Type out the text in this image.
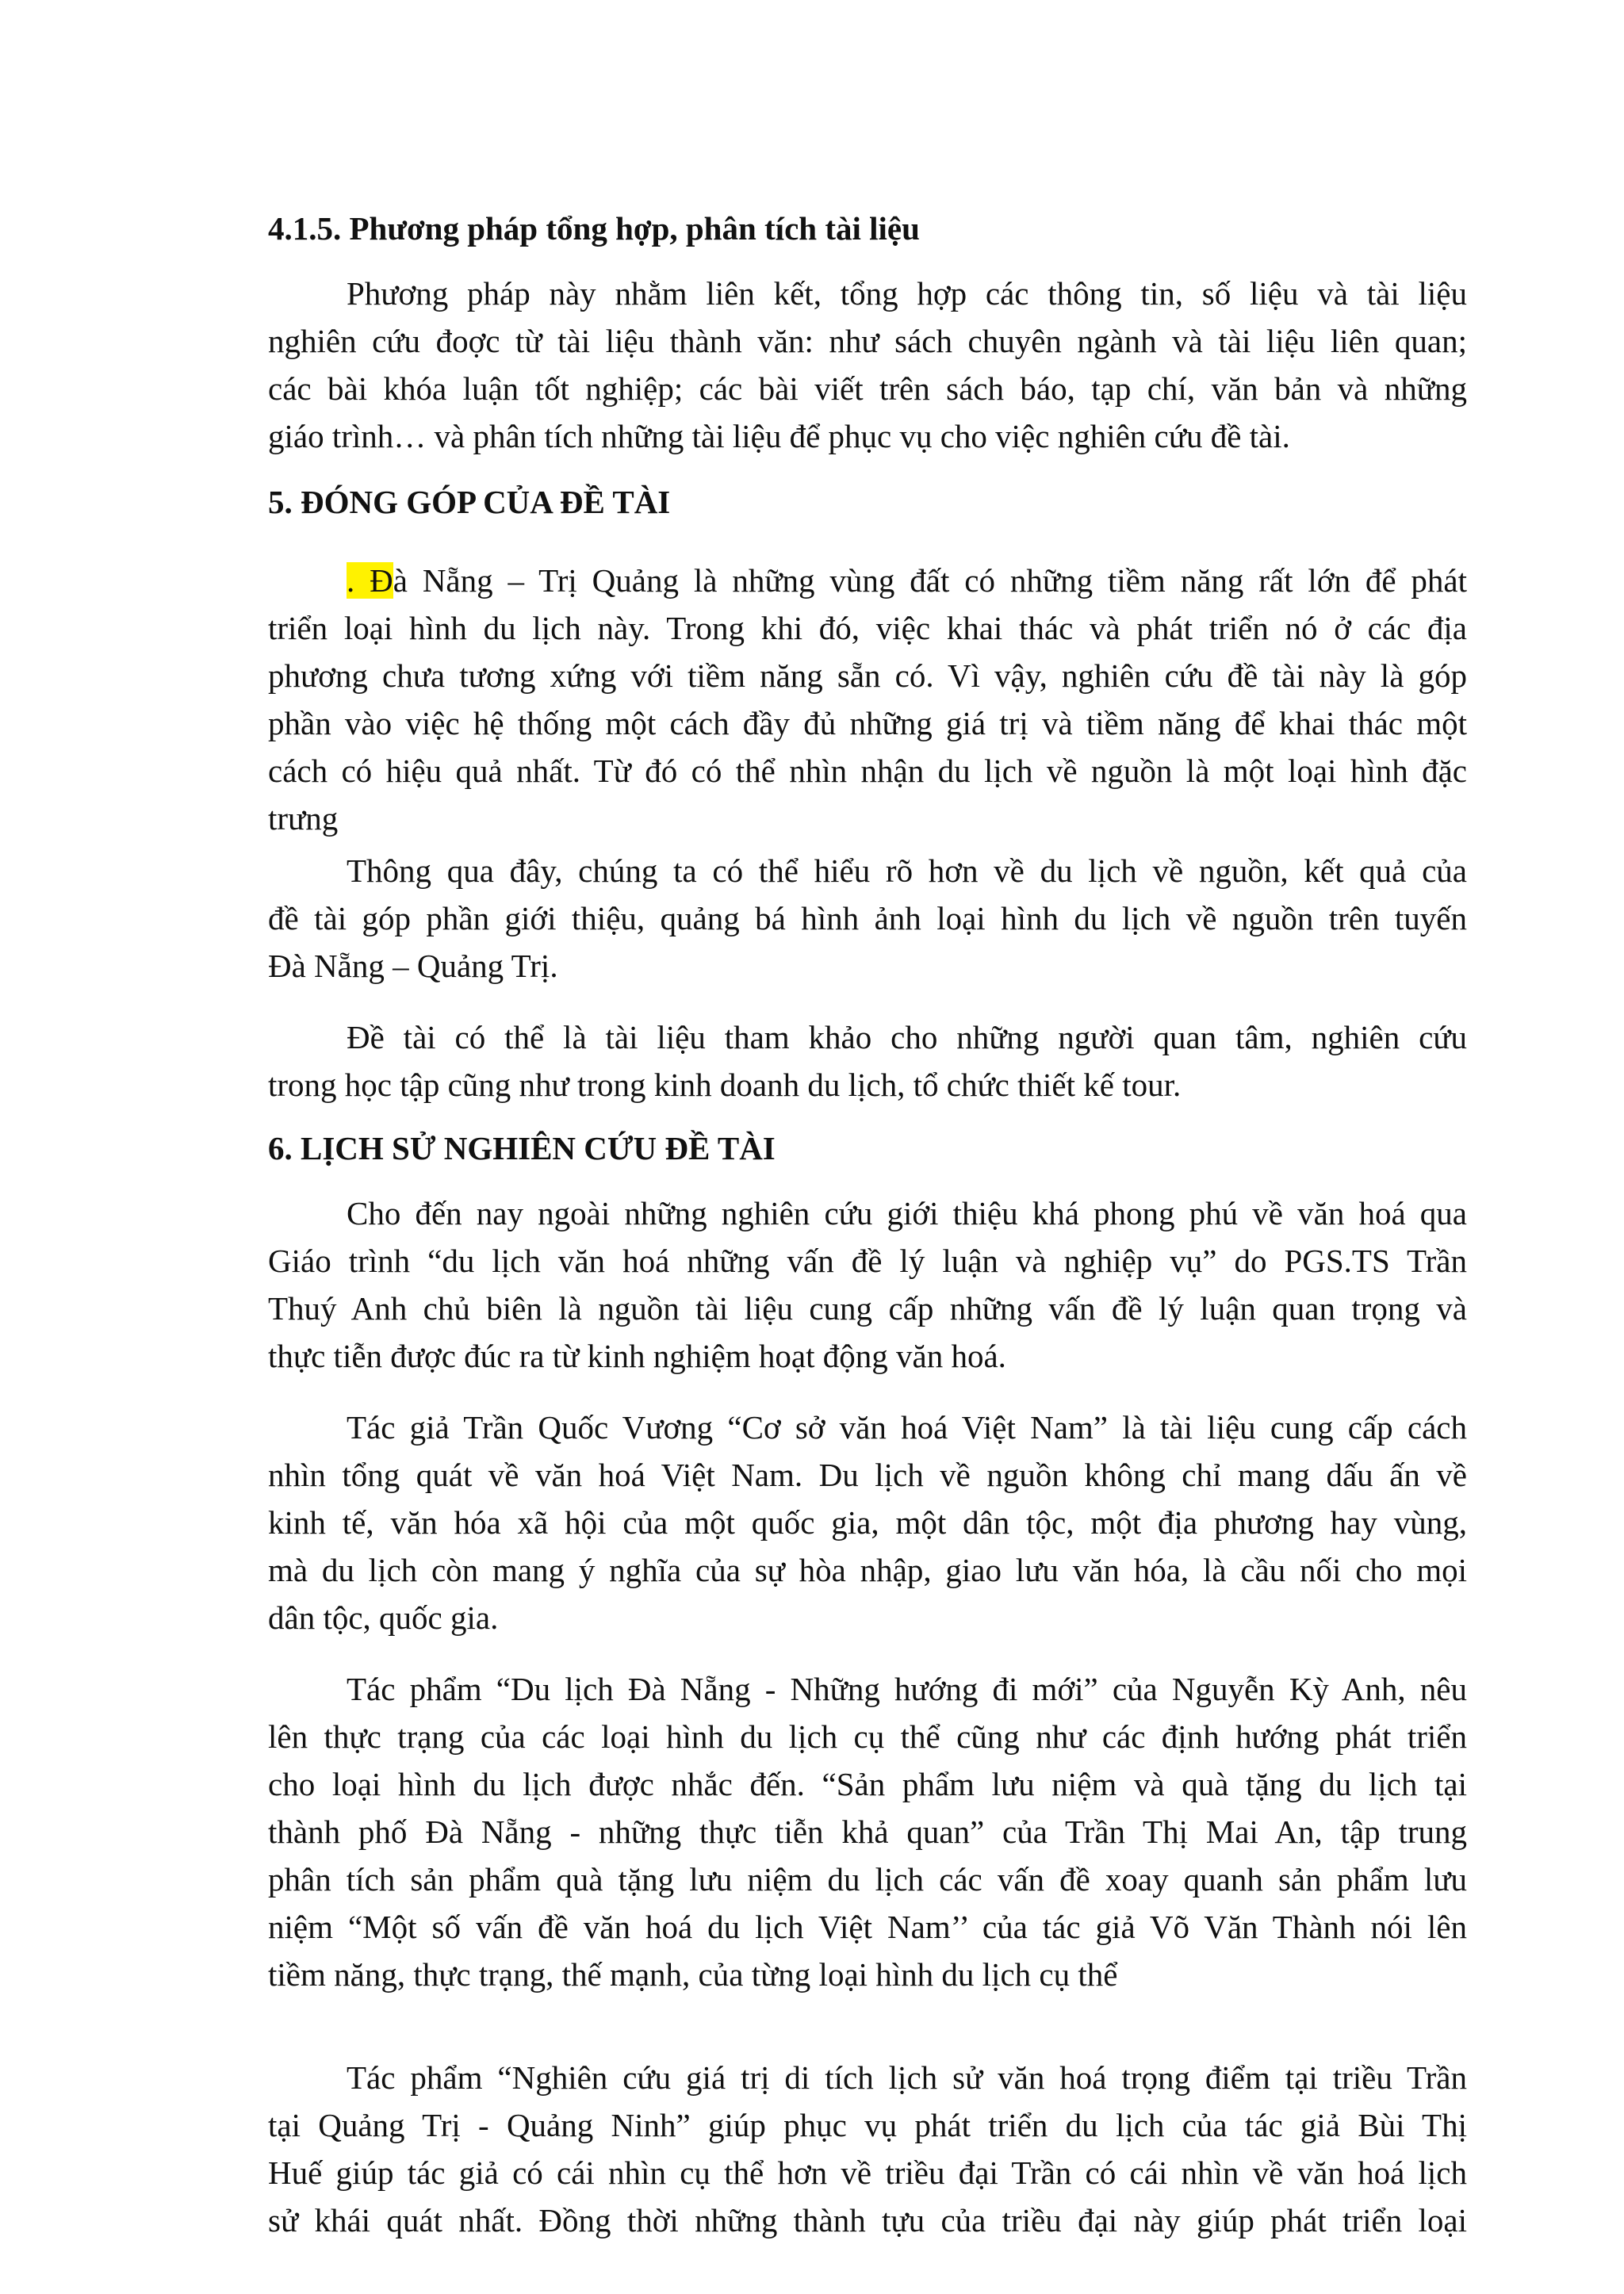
4.1.5. Phương pháp tổng hợp, phân tích tài liệu
Phương pháp này nhằm liên kết, tổng hợp các thông tin, số liệu và tài liệu
nghiên cứu đoợc từ tài liệu thành văn: như sách chuyên ngành và tài liệu liên quan;
các bài khóa luận tốt nghiệp; các bài viết trên sách báo, tạp chí, văn bản và những
giáo trình… và phân tích những tài liệu để phục vụ cho việc nghiên cứu đề tài.
5. ĐÓNG GÓP CỦA ĐỀ TÀI
. Đà Nẵng – Trị Quảng là những vùng đất có những tiềm năng rất lớn để phát
triển loại hình du lịch này. Trong khi đó, việc khai thác và phát triển nó ở các địa
phương chưa tương xứng với tiềm năng sẵn có. Vì vậy, nghiên cứu đề tài này là góp
phần vào việc hệ thống một cách đầy đủ những giá trị và tiềm năng để khai thác một
cách có hiệu quả nhất. Từ đó có thể nhìn nhận du lịch về nguồn là một loại hình đặc
trưng
Thông qua đây, chúng ta có thể hiểu rõ hơn về du lịch về nguồn, kết quả của
đề tài góp phần giới thiệu, quảng bá hình ảnh loại hình du lịch về nguồn trên tuyến
Đà Nẵng – Quảng Trị.
Đề tài có thể là tài liệu tham khảo cho những người quan tâm, nghiên cứu
trong học tập cũng như trong kinh doanh du lịch, tổ chức thiết kế tour.
6. LỊCH SỬ NGHIÊN CỨU ĐỀ TÀI
Cho đến nay ngoài những nghiên cứu giới thiệu khá phong phú về văn hoá qua
Giáo trình “du lịch văn hoá những vấn đề lý luận và nghiệp vụ” do PGS.TS Trần
Thuý Anh chủ biên là nguồn tài liệu cung cấp những vấn đề lý luận quan trọng và
thực tiễn được đúc ra từ kinh nghiệm hoạt động văn hoá.
Tác giả Trần Quốc Vương “Cơ sở văn hoá Việt Nam” là tài liệu cung cấp cách
nhìn tổng quát về văn hoá Việt Nam. Du lịch về nguồn không chỉ mang dấu ấn về
kinh tế, văn hóa xã hội của một quốc gia, một dân tộc, một địa phương hay vùng,
mà du lịch còn mang ý nghĩa của sự hòa nhập, giao lưu văn hóa, là cầu nối cho mọi
dân tộc, quốc gia.
Tác phẩm “Du lịch Đà Nẵng - Những hướng đi mới” của Nguyễn Kỳ Anh, nêu
lên thực trạng của các loại hình du lịch cụ thể cũng như các định hướng phát triển
cho loại hình du lịch được nhắc đến. “Sản phẩm lưu niệm và quà tặng du lịch tại
thành phố Đà Nẵng - những thực tiễn khả quan” của Trần Thị Mai An, tập trung
phân tích sản phẩm quà tặng lưu niệm du lịch các vấn đề xoay quanh sản phẩm lưu
niệm “Một số vấn đề văn hoá du lịch Việt Nam’’ của tác giả Võ Văn Thành nói lên
tiềm năng, thực trạng, thế mạnh, của từng loại hình du lịch cụ thể
Tác phẩm “Nghiên cứu giá trị di tích lịch sử văn hoá trọng điểm tại triều Trần
tại Quảng Trị - Quảng Ninh” giúp phục vụ phát triển du lịch của tác giả Bùi Thị
Huế giúp tác giả có cái nhìn cụ thể hơn về triều đại Trần có cái nhìn về văn hoá lịch
sử khái quát nhất. Đồng thời những thành tựu của triều đại này giúp phát triển loại
